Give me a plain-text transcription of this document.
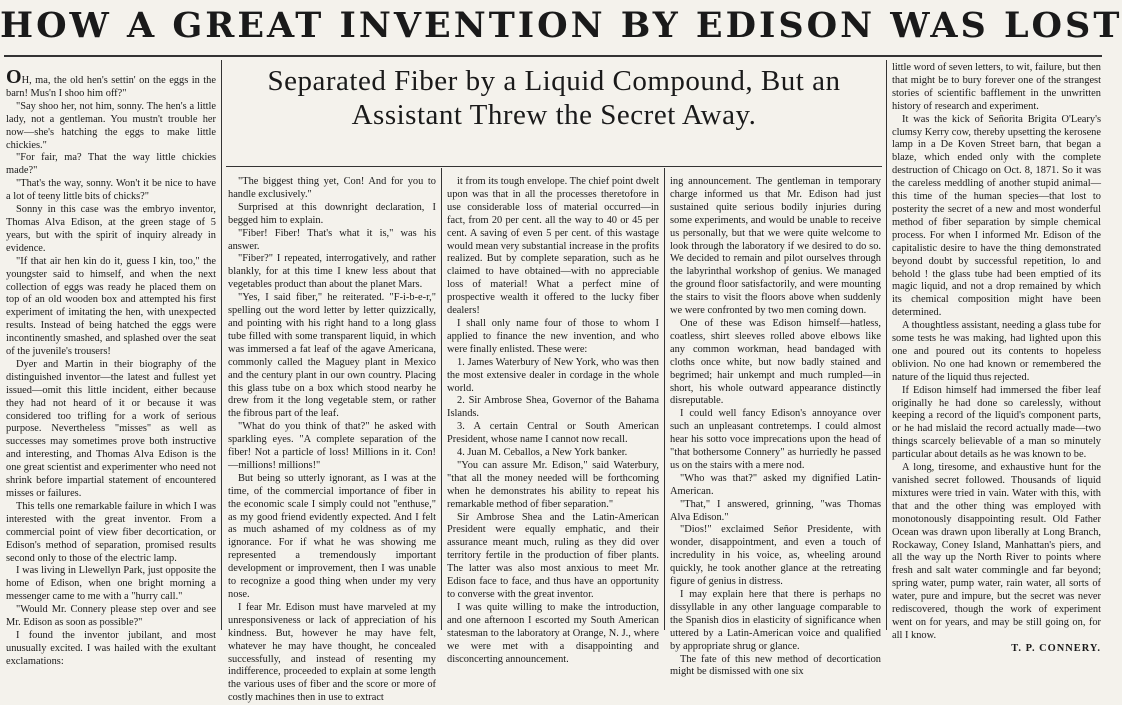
HOW A GREAT INVENTION BY EDISON WAS LOST
Separated Fiber by a Liquid Compound, But an Assistant Threw the Secret Away.

OH, ma, the old hen's settin' on the eggs in the barn! Mus'n I shoo him off?"

"Say shoo her, not him, sonny. The hen's a little lady, not a gentleman. You mustn't trouble her now—she's hatching the eggs to make little chickies."

"For fair, ma? That the way little chickies made?"

"That's the way, sonny. Won't it be nice to have a lot of teeny little bits of chicks?"

Sonny in this case was the embryo inventor, Thomas Alva Edison, at the green stage of 5 years, but with the spirit of inquiry already in evidence.

"If that air hen kin do it, guess I kin, too," the youngster said to himself, and when the next collection of eggs was ready he placed them on top of an old wooden box and attempted his first experiment of imitating the hen, with unexpected results. Instead of being hatched the eggs were incontinently smashed, and splashed over the seat of the juvenile's trousers!

Dyer and Martin in their biography of the distinguished inventor—the latest and fullest yet issued—omit this little incident, either because they had not heard of it or because it was considered too trifling for a work of serious purpose. Nevertheless "misses" as well as successes may sometimes prove both instructive and interesting, and Thomas Alva Edison is the one great scientist and experimenter who need not shrink before impartial statement of encountered misses or failures.

This tells one remarkable failure in which I was interested with the great inventor. From a commercial point of view fiber decortication, or Edison's method of separation, promised results second only to those of the electric lamp.

I was living in Llewellyn Park, just opposite the home of Edison, when one bright morning a messenger came to me with a "hurry call."

"Would Mr. Connery please step over and see Mr. Edison as soon as possible?"

I found the inventor jubilant, and most unusually excited. I was hailed with the exultant exclamations:

"The biggest thing yet, Con! And for you to handle exclusively."

Surprised at this downright declaration, I begged him to explain.

"Fiber! Fiber! That's what it is," was his answer.

"Fiber?" I repeated, interrogatively, and rather blankly, for at this time I knew less about that vegetables product than about the planet Mars.

"Yes, I said fiber," he reiterated. "F-i-b-e-r," spelling out the word letter by letter quizzically, and pointing with his right hand to a long glass tube filled with some transparent liquid, in which was immersed a fat leaf of the agave Americana, commonly called the Maguey plant in Mexico and the century plant in our own country. Placing this glass tube on a box which stood nearby he drew from it the long vegetable stem, or rather the fibrous part of the leaf.

"What do you think of that?" he asked with sparkling eyes. "A complete separation of the fiber! Not a particle of loss! Millions in it. Con!—millions! millions!"

But being so utterly ignorant, as I was at the time, of the commercial importance of fiber in the economic scale I simply could not "enthuse," as my good friend evidently expected. And I felt as much ashamed of my coldness as of my ignorance. For if what he was showing me represented a tremendously important development or improvement, then I was unable to recognize a good thing when under my very nose.

I fear Mr. Edison must have marveled at my unresponsiveness or lack of appreciation of his kindness. But, however he may have felt, whatever he may have thought, he concealed successfully, and instead of resenting my indifference, proceeded to explain at some length the various uses of fiber and the score or more of costly machines then in use to extract

it from its tough envelope. The chief point dwelt upon was that in all the processes theretofore in use considerable loss of material occurred—in fact, from 20 per cent. all the way to 40 or 45 per cent. A saving of even 5 per cent. of this wastage would mean very substantial increase in the profits realized. But by complete separation, such as he claimed to have obtained—with no appreciable loss of material! What a perfect mine of prospective wealth it offered to the lucky fiber dealers!

I shall only name four of those to whom I applied to finance the new invention, and who were finally enlisted. These were:

1. James Waterbury of New York, who was then the most extensive dealer in cordage in the whole world.

2. Sir Ambrose Shea, Governor of the Bahama Islands.

3. A certain Central or South American President, whose name I cannot now recall.

4. Juan M. Ceballos, a New York banker.

"You can assure Mr. Edison," said Waterbury, "that all the money needed will be forthcoming when he demonstrates his ability to repeat his remarkable method of fiber separation."

Sir Ambrose Shea and the Latin-American President were equally emphatic, and their assurance meant much, ruling as they did over territory fertile in the production of fiber plants. The latter was also most anxious to meet Mr. Edison face to face, and thus have an opportunity to converse with the great inventor.

I was quite willing to make the introduction, and one afternoon I escorted my South American statesman to the laboratory at Orange, N. J., where we were met with a disappointing and disconcerting announcement.

ing announcement. The gentleman in temporary charge informed us that Mr. Edison had just sustained quite serious bodily injuries during some experiments, and would be unable to receive us personally, but that we were quite welcome to look through the laboratory if we desired to do so. We decided to remain and pilot ourselves through the labyrinthal workshop of genius. We managed the ground floor satisfactorily, and were mounting the stairs to visit the floors above when suddenly we were confronted by two men coming down.

One of these was Edison himself—hatless, coatless, shirt sleeves rolled above elbows like any common workman, head bandaged with cloths once white, but now badly stained and begrimed; hair unkempt and much rumpled—in short, his whole outward appearance distinctly disreputable.

I could well fancy Edison's annoyance over such an unpleasant contretemps. I could almost hear his sotto voce imprecations upon the head of "that bothersome Connery" as hurriedly he passed us on the stairs with a mere nod.

"Who was that?" asked my dignified Latin-American.

"That," I answered, grinning, "was Thomas Alva Edison."

"Dios!" exclaimed Señor Presidente, with wonder, disappointment, and even a touch of incredulity in his voice, as, wheeling around quickly, he took another glance at the retreating figure of genius in distress.

I may explain here that there is perhaps no dissyllable in any other language comparable to the Spanish dios in elasticity of significance when uttered by a Latin-American voice and qualified by appropriate shrug or glance.

The fate of this new method of decortication might be dismissed with one six

little word of seven letters, to wit, failure, but then that might be to bury forever one of the strangest stories of scientific bafflement in the unwritten history of research and experiment.

It was the kick of Señorita Brigita O'Leary's clumsy Kerry cow, thereby upsetting the kerosene lamp in a De Koven Street barn, that began a blaze, which ended only with the complete destruction of Chicago on Oct. 8, 1871. So it was the careless meddling of another stupid animal—this time of the human species—that lost to posterity the secret of a new and most wonderful method of fiber separation by simple chemical process. For when I informed Mr. Edison of the capitalistic desire to have the thing demonstrated beyond doubt by successful repetition, lo and behold ! the glass tube had been emptied of its magic liquid, and not a drop remained by which its chemical composition might have been determined.

A thoughtless assistant, needing a glass tube for some tests he was making, had lighted upon this one and poured out its contents to hopeless oblivion. No one had known or remembered the nature of the liquid thus rejected.

If Edison himself had immersed the fiber leaf originally he had done so carelessly, without keeping a record of the liquid's component parts, or he had mislaid the record actually made—two things scarcely believable of a man so minutely particular about details as he was known to be.

A long, tiresome, and exhaustive hunt for the vanished secret followed. Thousands of liquid mixtures were tried in vain. Water with this, with that and the other thing was employed with monotonously disappointing result. Old Father Ocean was drawn upon liberally at Long Branch, Rockaway, Coney Island, Manhattan's piers, and all the way up the North River to points where fresh and salt water commingle and far beyond; spring water, pump water, rain water, all sorts of water, pure and impure, but the secret was never rediscovered, though the work of experiment went on for years, and may be still going on, for all I know.

T. P. CONNERY.
